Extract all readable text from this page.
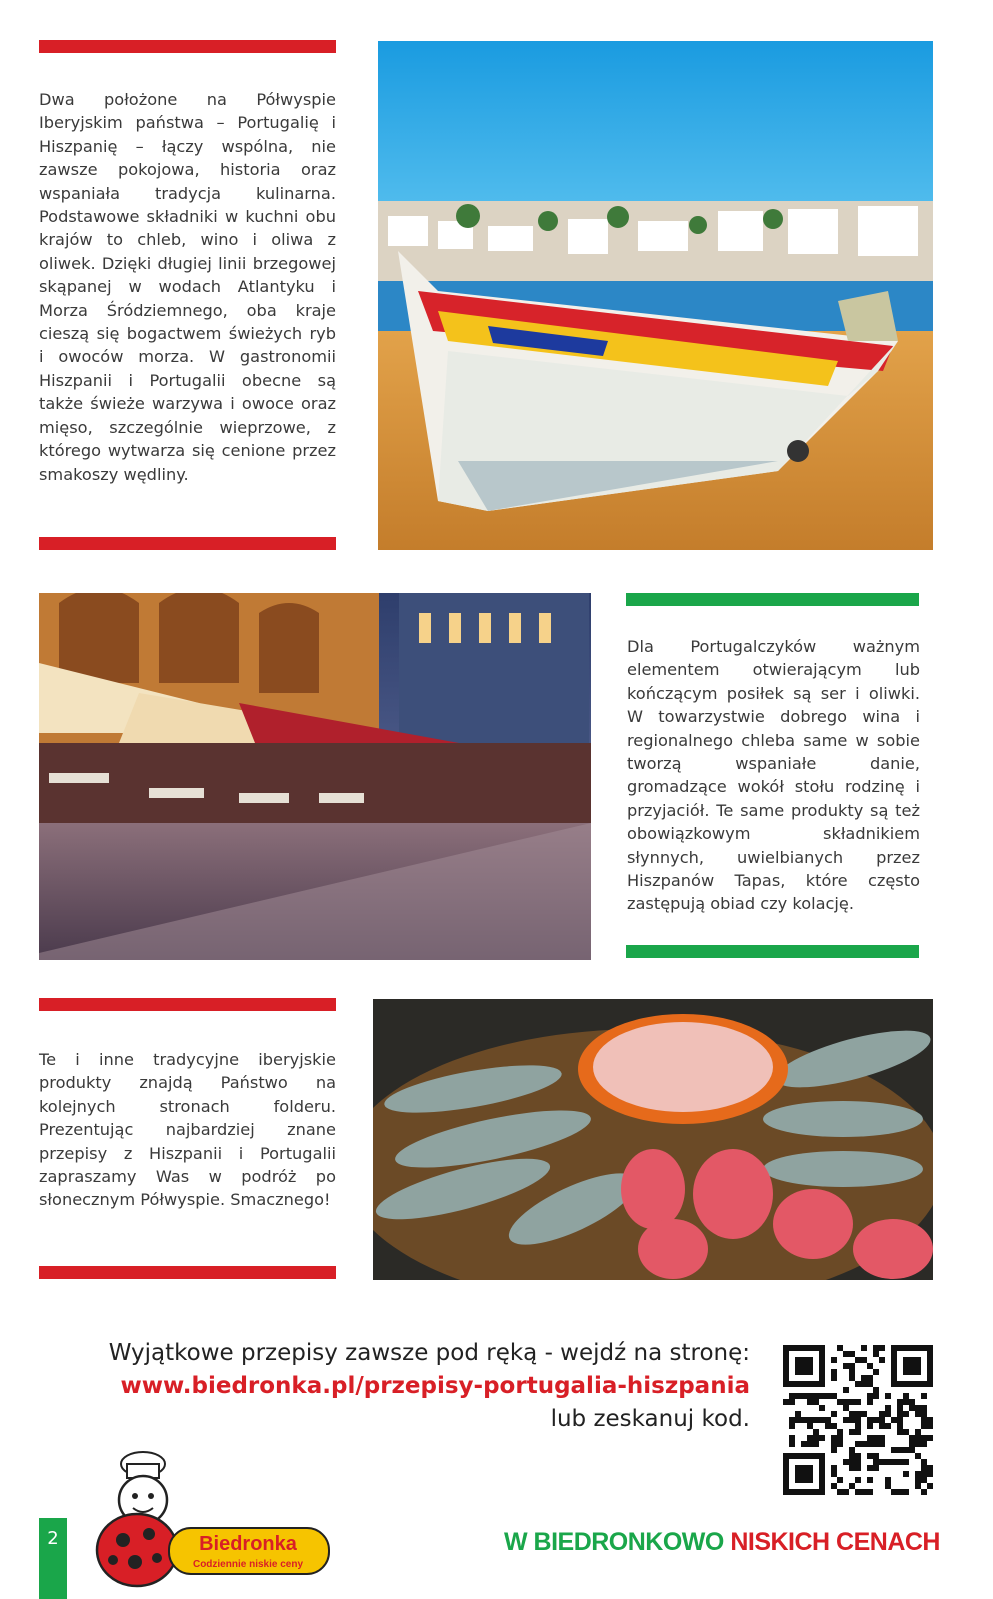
Dwa położone na Półwyspie Iberyjskim państwa – Portugalię i Hiszpanię – łączy wspólna, nie zawsze pokojowa, historia oraz wspaniała tradycja kulinarna. Podstawowe składniki w kuchni obu krajów to chleb, wino i oliwa z oliwek. Dzięki długiej linii brzegowej skąpanej w wodach Atlantyku i Morza Śródziemnego, oba kraje cieszą się bogactwem świeżych ryb i owoców morza. W gastronomii Hiszpanii i Portugalii obecne są także świeże warzywa i owoce oraz mięso, szczególnie wieprzowe, z którego wytwarza się cenione przez smakoszy wędliny.

Dla Portugalczyków ważnym elementem otwierającym lub kończącym posiłek są ser i oliwki. W towarzystwie dobrego wina i regionalnego chleba same w sobie tworzą wspaniałe danie, gromadzące wokół stołu rodzinę i przyjaciół. Te same produkty są też obowiązkowym składnikiem słynnych, uwielbianych przez Hiszpanów Tapas, które często zastępują obiad czy kolację.

Te i inne tradycyjne iberyjskie produkty znajdą Państwo na kolejnych stronach folderu. Prezentując najbardziej znane przepisy z Hiszpanii i Portugalii zapraszamy Was w podróż po słonecznym Półwyspie. Smacznego!

Wyjątkowe przepisy zawsze pod ręką - wejdź na stronę:
www.biedronka.pl/przepisy-portugalia-hiszpania
lub zeskanuj kod.
2	Biedronka
Codziennie niskie ceny
W BIEDRONKOWO NISKICH CENACH
